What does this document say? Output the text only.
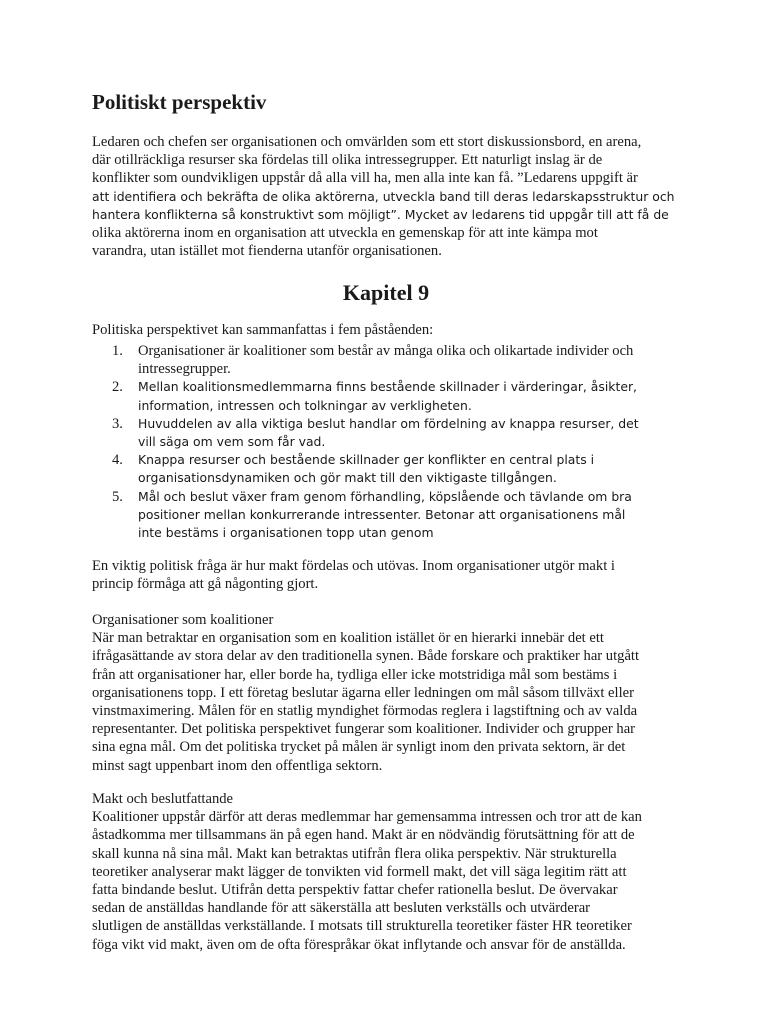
Politiskt perspektiv
Ledaren och chefen ser organisationen och omvärlden som ett stort diskussionsbord, en arena,
där otillräckliga resurser ska fördelas till olika intressegrupper. Ett naturligt inslag är de
konflikter som oundvikligen uppstår då alla vill ha, men alla inte kan få. ”Ledarens uppgift är
att identifiera och bekräfta de olika aktörerna, utveckla band till deras ledarskapsstruktur och
hantera konflikterna så konstruktivt som möjligt”. Mycket av ledarens tid uppgår till att få de
olika aktörerna inom en organisation att utveckla en gemenskap för att inte kämpa mot
varandra, utan istället mot fienderna utanför organisationen.
Kapitel 9

Politiska perspektivet kan sammanfattas i fem påståenden:

1. Organisationer är koalitioner som består av många olika och olikartade individer och
intressegrupper.
2. Mellan koalitionsmedlemmarna finns bestående skillnader i värderingar, åsikter,
information, intressen och tolkningar av verkligheten.
3. Huvuddelen av alla viktiga beslut handlar om fördelning av knappa resurser, det
vill säga om vem som får vad.
4. Knappa resurser och bestående skillnader ger konflikter en central plats i
organisationsdynamiken och gör makt till den viktigaste tillgången.
5. Mål och beslut växer fram genom förhandling, köpslående och tävlande om bra
positioner mellan konkurrerande intressenter. Betonar att organisationens mål
inte bestäms i organisationen topp utan genom
En viktig politisk fråga är hur makt fördelas och utövas. Inom organisationer utgör makt i
princip förmåga att gå någonting gjort.
Organisationer som koalitioner
När man betraktar en organisation som en koalition istället ör en hierarki innebär det ett
ifrågasättande av stora delar av den traditionella synen. Både forskare och praktiker har utgått
från att organisationer har, eller borde ha, tydliga eller icke motstridiga mål som bestäms i
organisationens topp. I ett företag beslutar ägarna eller ledningen om mål såsom tillväxt eller
vinstmaximering. Målen för en statlig myndighet förmodas reglera i lagstiftning och av valda
representanter. Det politiska perspektivet fungerar som koalitioner. Individer och grupper har
sina egna mål. Om det politiska trycket på målen är synligt inom den privata sektorn, är det
minst sagt uppenbart inom den offentliga sektorn.
Makt och beslutfattande
Koalitioner uppstår därför att deras medlemmar har gemensamma intressen och tror att de kan
åstadkomma mer tillsammans än på egen hand. Makt är en nödvändig förutsättning för att de
skall kunna nå sina mål. Makt kan betraktas utifrån flera olika perspektiv. När strukturella
teoretiker analyserar makt lägger de tonvikten vid formell makt, det vill säga legitim rätt att
fatta bindande beslut. Utifrån detta perspektiv fattar chefer rationella beslut. De övervakar
sedan de anställdas handlande för att säkerställa att besluten verkställs och utvärderar
slutligen de anställdas verkställande. I motsats till strukturella teoretiker fäster HR teoretiker
föga vikt vid makt, även om de ofta förespråkar ökat inflytande och ansvar för de anställda.
